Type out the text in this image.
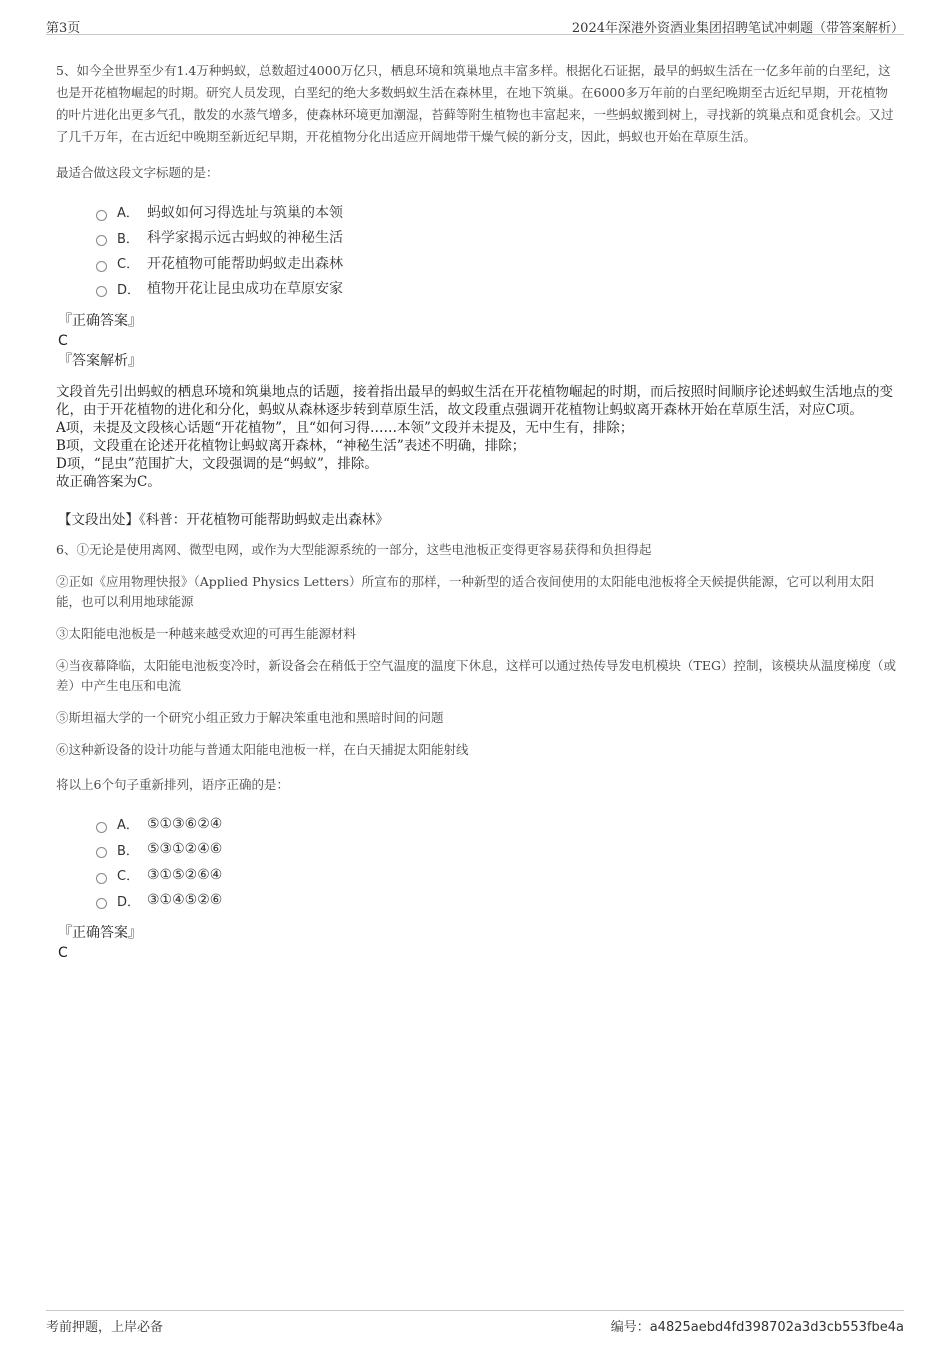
第3页	2024年深港外资酒业集团招聘笔试冲刺题（带答案解析）

5、如今全世界至少有1.4万种蚂蚁，总数超过4000万亿只，栖息环境和筑巢地点丰富多样。根据化石证据，最早的蚂蚁生活在一亿多年前的白垩纪，这也是开花植物崛起的时期。研究人员发现，白垩纪的绝大多数蚂蚁生活在森林里，在地下筑巢。在6000多万年前的白垩纪晚期至古近纪早期，开花植物的叶片进化出更多气孔，散发的水蒸气增多，使森林环境更加潮湿，苔藓等附生植物也丰富起来，一些蚂蚁搬到树上，寻找新的筑巢点和觅食机会。又过了几千万年，在古近纪中晚期至新近纪早期，开花植物分化出适应开阔地带干燥气候的新分支，因此，蚂蚁也开始在草原生活。

最适合做这段文字标题的是：

A． 蚂蚁如何习得选址与筑巢的本领
B． 科学家揭示远古蚂蚁的神秘生活
C． 开花植物可能帮助蚂蚁走出森林
D． 植物开花让昆虫成功在草原安家
『正确答案』
C
『答案解析』

文段首先引出蚂蚁的栖息环境和筑巢地点的话题，接着指出最早的蚂蚁生活在开花植物崛起的时期，而后按照时间顺序论述蚂蚁生活地点的变化，由于开花植物的进化和分化，蚂蚁从森林逐步转到草原生活，故文段重点强调开花植物让蚂蚁离开森林开始在草原生活，对应C项。

A项，未提及文段核心话题“开花植物”，且“如何习得……本领”文段并未提及，无中生有，排除；

B项，文段重在论述开花植物让蚂蚁离开森林，“神秘生活”表述不明确，排除；

D项，“昆虫”范围扩大，文段强调的是“蚂蚁”，排除。

故正确答案为C。

【文段出处】《科普：开花植物可能帮助蚂蚁走出森林》

6、①无论是使用离网、微型电网，或作为大型能源系统的一部分，这些电池板正变得更容易获得和负担得起

②正如《应用物理快报》（Applied Physics Letters）所宣布的那样，一种新型的适合夜间使用的太阳能电池板将全天候提供能源，它可以利用太阳能，也可以利用地球能源

③太阳能电池板是一种越来越受欢迎的可再生能源材料

④当夜幕降临，太阳能电池板变冷时，新设备会在稍低于空气温度的温度下休息，这样可以通过热传导发电机模块（TEG）控制，该模块从温度梯度（或差）中产生电压和电流

⑤斯坦福大学的一个研究小组正致力于解决笨重电池和黑暗时间的问题

⑥这种新设备的设计功能与普通太阳能电池板一样，在白天捕捉太阳能射线

将以上6个句子重新排列，语序正确的是：

A． ⑤①③⑥②④
B． ⑤③①②④⑥
C． ③①⑤②⑥④
D． ③①④⑤②⑥
『正确答案』
C
考前押题，上岸必备	编号：a4825aebd4fd398702a3d3cb553fbe4a
